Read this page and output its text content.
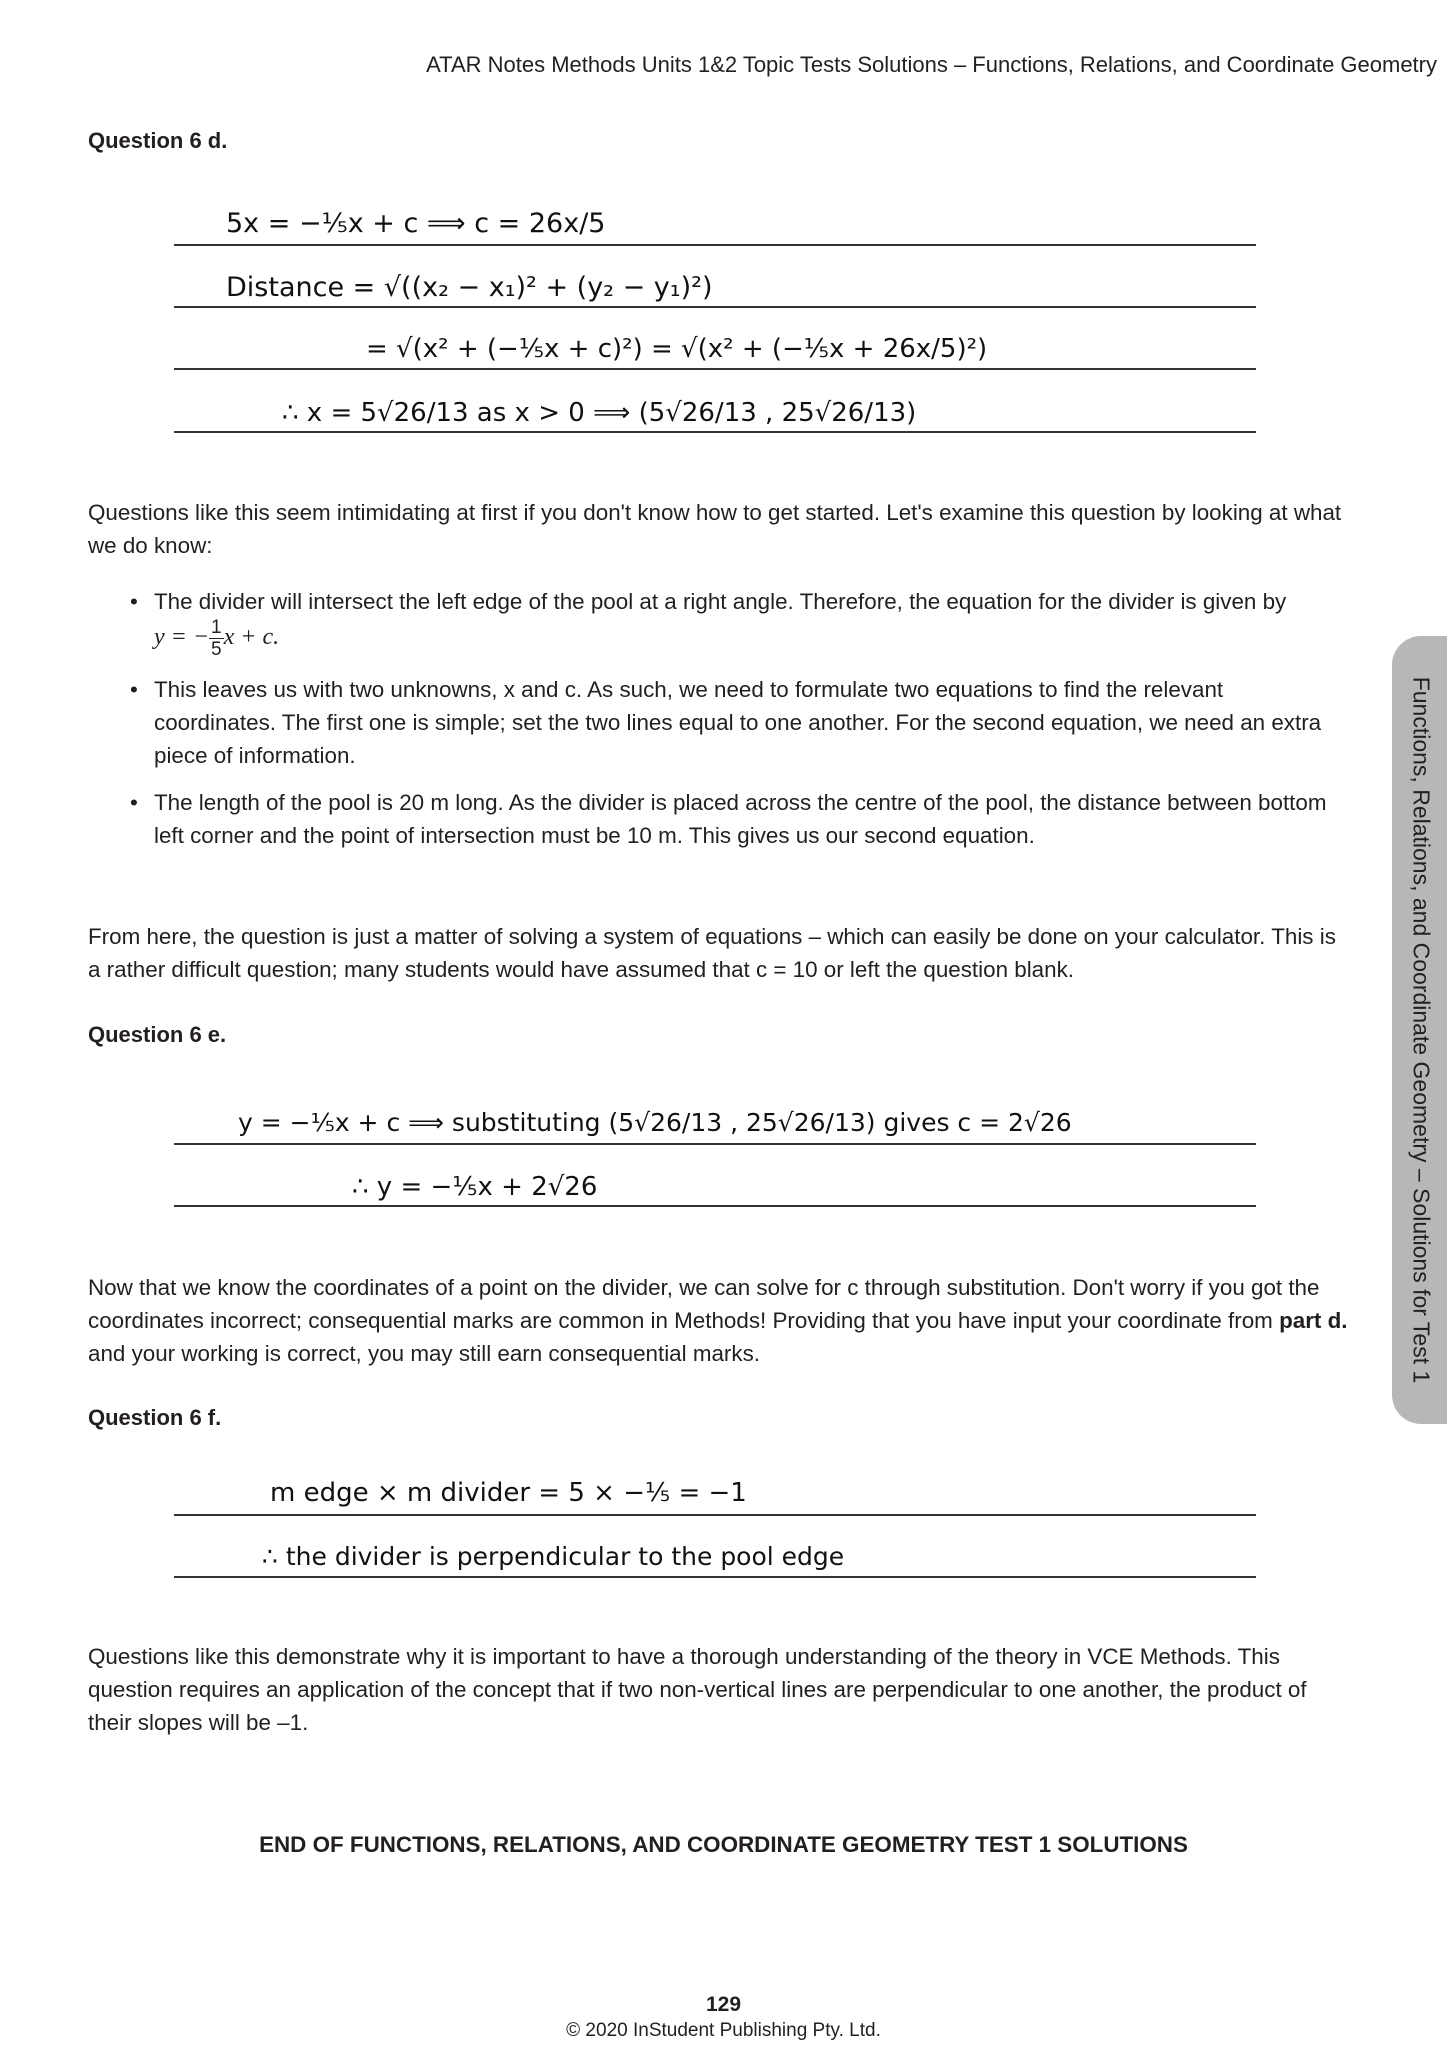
ATAR Notes Methods Units 1&2 Topic Tests Solutions – Functions, Relations, and Coordinate Geometry
Question 6 d.
5x = −⅕x + c ⟹ c = 26x/5
Distance = √((x₂ − x₁)² + (y₂ − y₁)²)
= √(x² + (−⅕x + c)²) = √(x² + (−⅕x + 26x/5)²)
∴ x = 5√26/13 as x > 0 ⟹ (5√26/13 , 25√26/13)
Questions like this seem intimidating at first if you don't know how to get started. Let's examine this question by looking at what we do know:
• The divider will intersect the left edge of the pool at a right angle. Therefore, the equation for the divider is given by y = − $\frac{1}{5}$ x + c.
• This leaves us with two unknowns, x and c. As such, we need to formulate two equations to find the relevant coordinates. The first one is simple; set the two lines equal to one another. For the second equation, we need an extra piece of information.
• The length of the pool is 20 m long. As the divider is placed across the centre of the pool, the distance between bottom left corner and the point of intersection must be 10 m. This gives us our second equation.
From here, the question is just a matter of solving a system of equations – which can easily be done on your calculator. This is a rather difficult question; many students would have assumed that c = 10 or left the question blank.
Question 6 e.
y = −⅕x + c ⟹ substituting (5√26/13 , 25√26/13) gives c = 2√26
∴ y = −⅕x + 2√26
Now that we know the coordinates of a point on the divider, we can solve for c through substitution. Don't worry if you got the coordinates incorrect; consequential marks are common in Methods! Providing that you have input your coordinate from part d. and your working is correct, you may still earn consequential marks.
Question 6 f.
m edge × m divider = 5 × −⅕ = −1
∴ the divider is perpendicular to the pool edge
Questions like this demonstrate why it is important to have a thorough understanding of the theory in VCE Methods. This question requires an application of the concept that if two non-vertical lines are perpendicular to one another, the product of their slopes will be –1.
END OF FUNCTIONS, RELATIONS, AND COORDINATE GEOMETRY TEST 1 SOLUTIONS
129
© 2020 InStudent Publishing Pty. Ltd.
Functions, Relations, and Coordinate Geometry – Solutions for Test 1
